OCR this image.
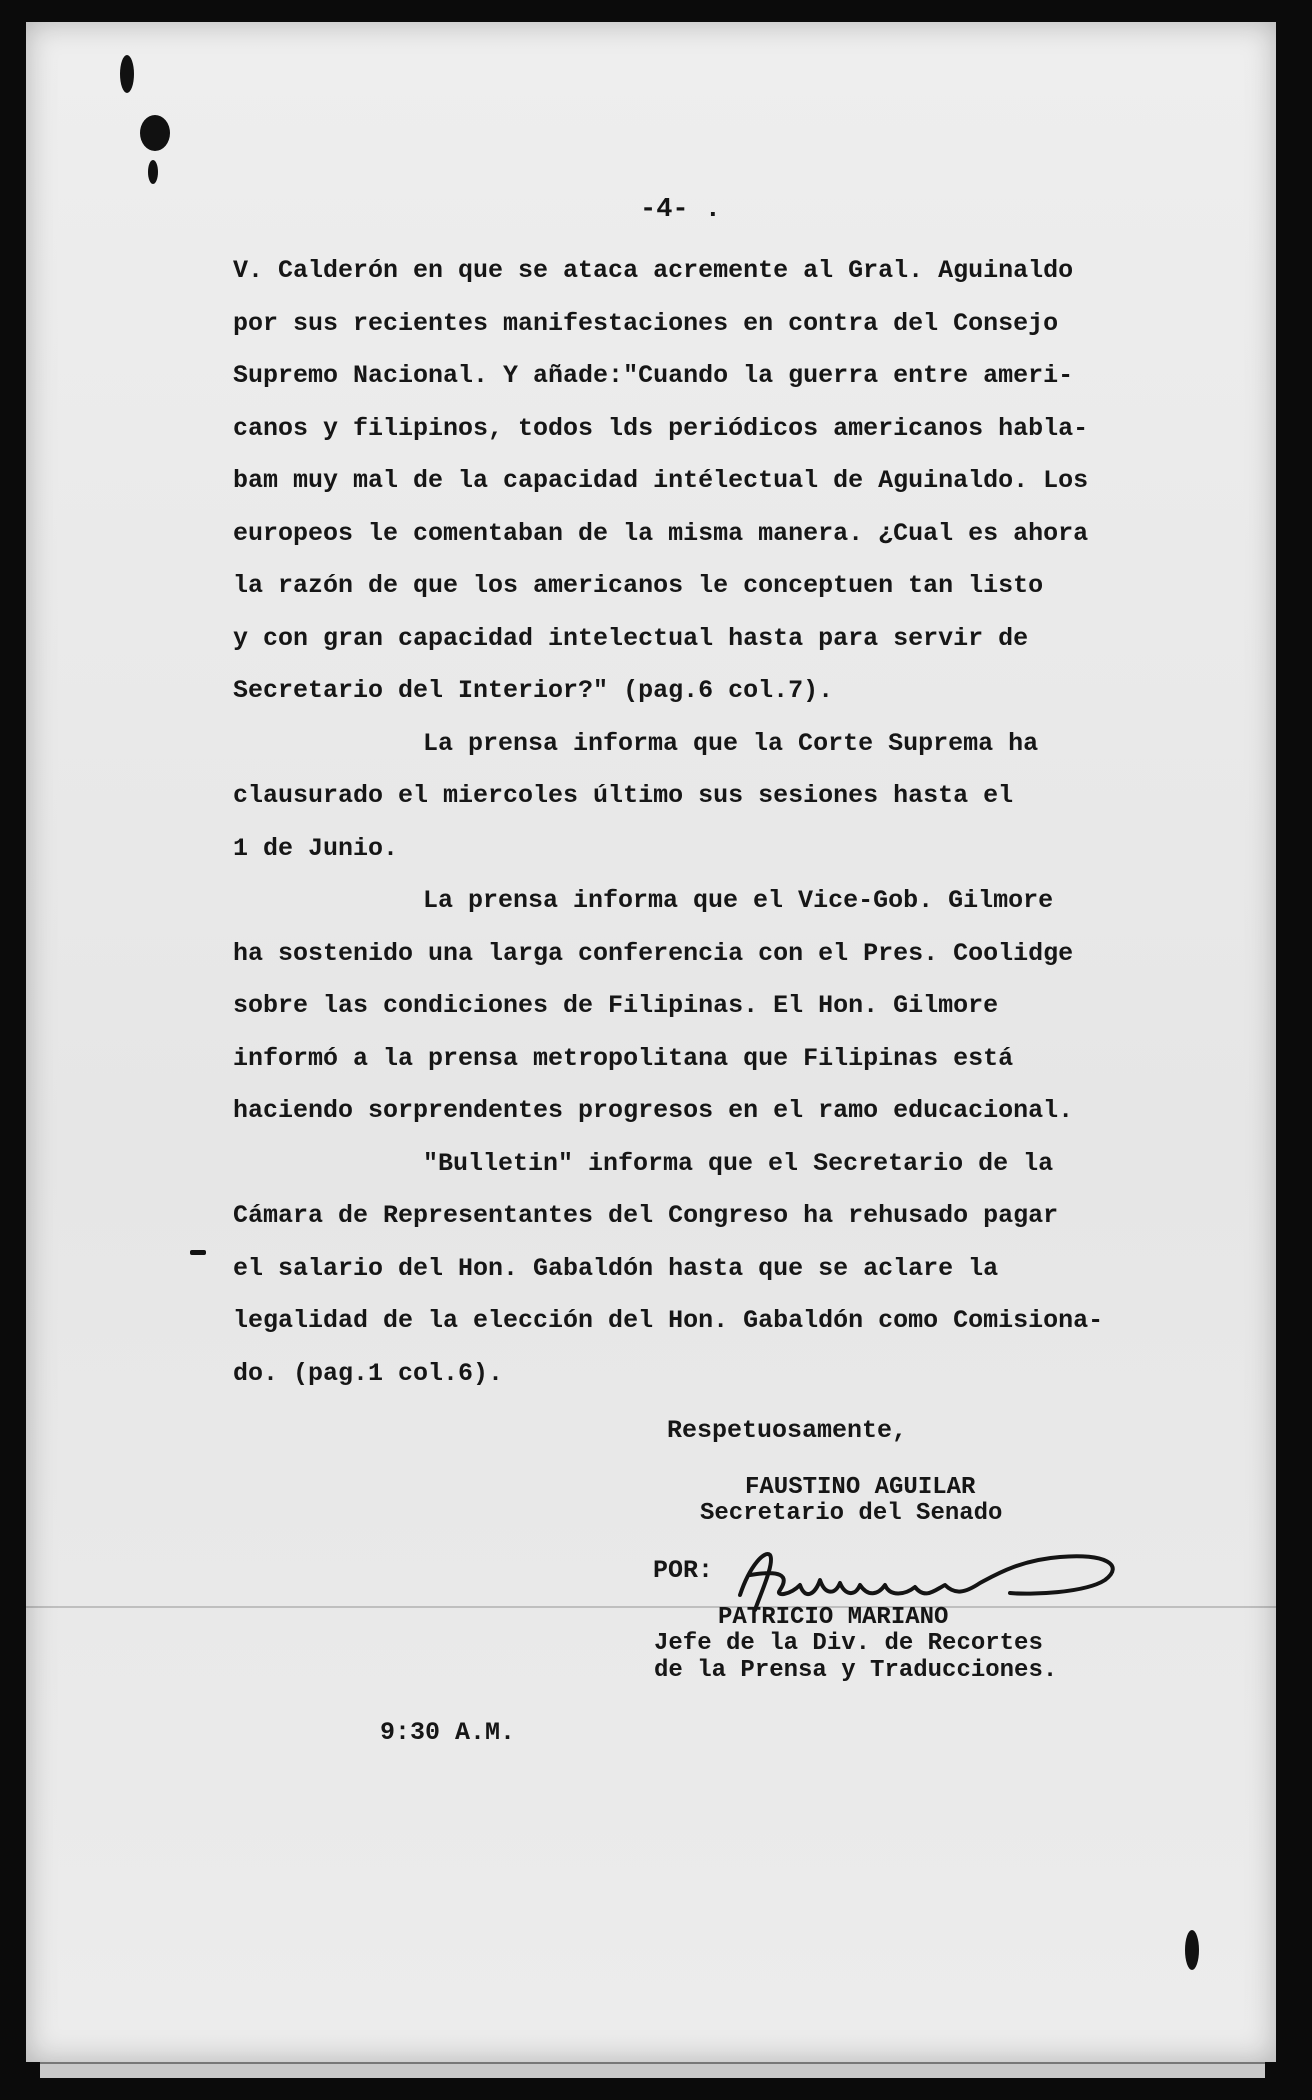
-4- .
V. Calderón en que se ataca acremente al Gral. Aguinaldo
por sus recientes manifestaciones en contra del Consejo
Supremo Nacional. Y añade:"Cuando la guerra entre ameri-
canos y filipinos, todos lds periódicos americanos habla-
bam muy mal de la capacidad intélectual de Aguinaldo. Los
europeos le comentaban de la misma manera. ¿Cual es ahora
la razón de que los americanos le conceptuen tan listo
y con gran capacidad intelectual hasta para servir de
Secretario del Interior?" (pag.6 col.7).
La prensa informa que la Corte Suprema ha
clausurado el miercoles último sus sesiones hasta el
1 de Junio.
La prensa informa que el Vice-Gob. Gilmore
ha sostenido una larga conferencia con el Pres. Coolidge
sobre las condiciones de Filipinas. El Hon. Gilmore
informó a la prensa metropolitana que Filipinas está
haciendo sorprendentes progresos en el ramo educacional.
"Bulletin" informa que el Secretario de la
Cámara de Representantes del Congreso ha rehusado pagar
el salario del Hon. Gabaldón hasta que se aclare la
legalidad de la elección del Hon. Gabaldón como Comisiona-
do. (pag.1 col.6).
Respetuosamente,
FAUSTINO AGUILAR
Secretario del Senado
POR:
PATRICIO MARIANO
Jefe de la Div. de Recortes
de la Prensa y Traducciones.
9:30 A.M.
